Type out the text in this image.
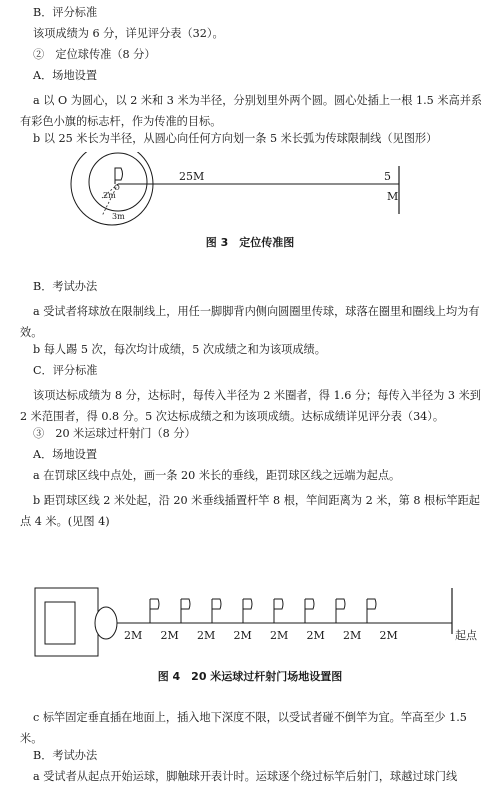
B．评分标准
该项成绩为 6 分，详见评分表（32）。
②　定位球传准（8 分）
A．场地设置
a 以 O 为圆心，以 2 米和 3 米为半径，分别划里外两个圆。圆心处插上一根 1.5 米高并系有彩色小旗的标志杆，作为传准的目标。
b 以 25 米长为半径，从圆心向任何方向划一条 5 米长弧为传球限制线（见图形）
2m
O
3m
25M	5
M
图 3　定位传准图
B．考试办法
a 受试者将球放在限制线上，用任一脚脚背内侧向圆圈里传球，球落在圈里和圈线上均为有效。
b 每人踢 5 次，每次均计成绩，5 次成绩之和为该项成绩。
C．评分标准
该项达标成绩为 8 分，达标时，每传入半径为 2 米圈者，得 1.6 分；每传入半径为 3 米到 2 米范围者，得 0.8 分。5 次达标成绩之和为该项成绩。达标成绩详见评分表（34）。
③　20 米运球过杆射门（8 分）
A．场地设置
a 在罚球区线中点处，画一条 20 米长的垂线，距罚球区线之远端为起点。
b 距罚球区线 2 米处起，沿 20 米垂线插置杆竿 8 根，竿间距离为 2 米，第 8 根标竿距起点 4 米。(见图 4)
2M 2M 2M 2M 2M 2M 2M 2M	起点
图 4　20 米运球过杆射门场地设置图
c 标竿固定垂直插在地面上，插入地下深度不限，以受试者碰不倒竿为宜。竿高至少 1.5 米。
B．考试办法
a 受试者从起点开始运球，脚触球开表计时。运球逐个绕过标竿后射门，球越过球门线
